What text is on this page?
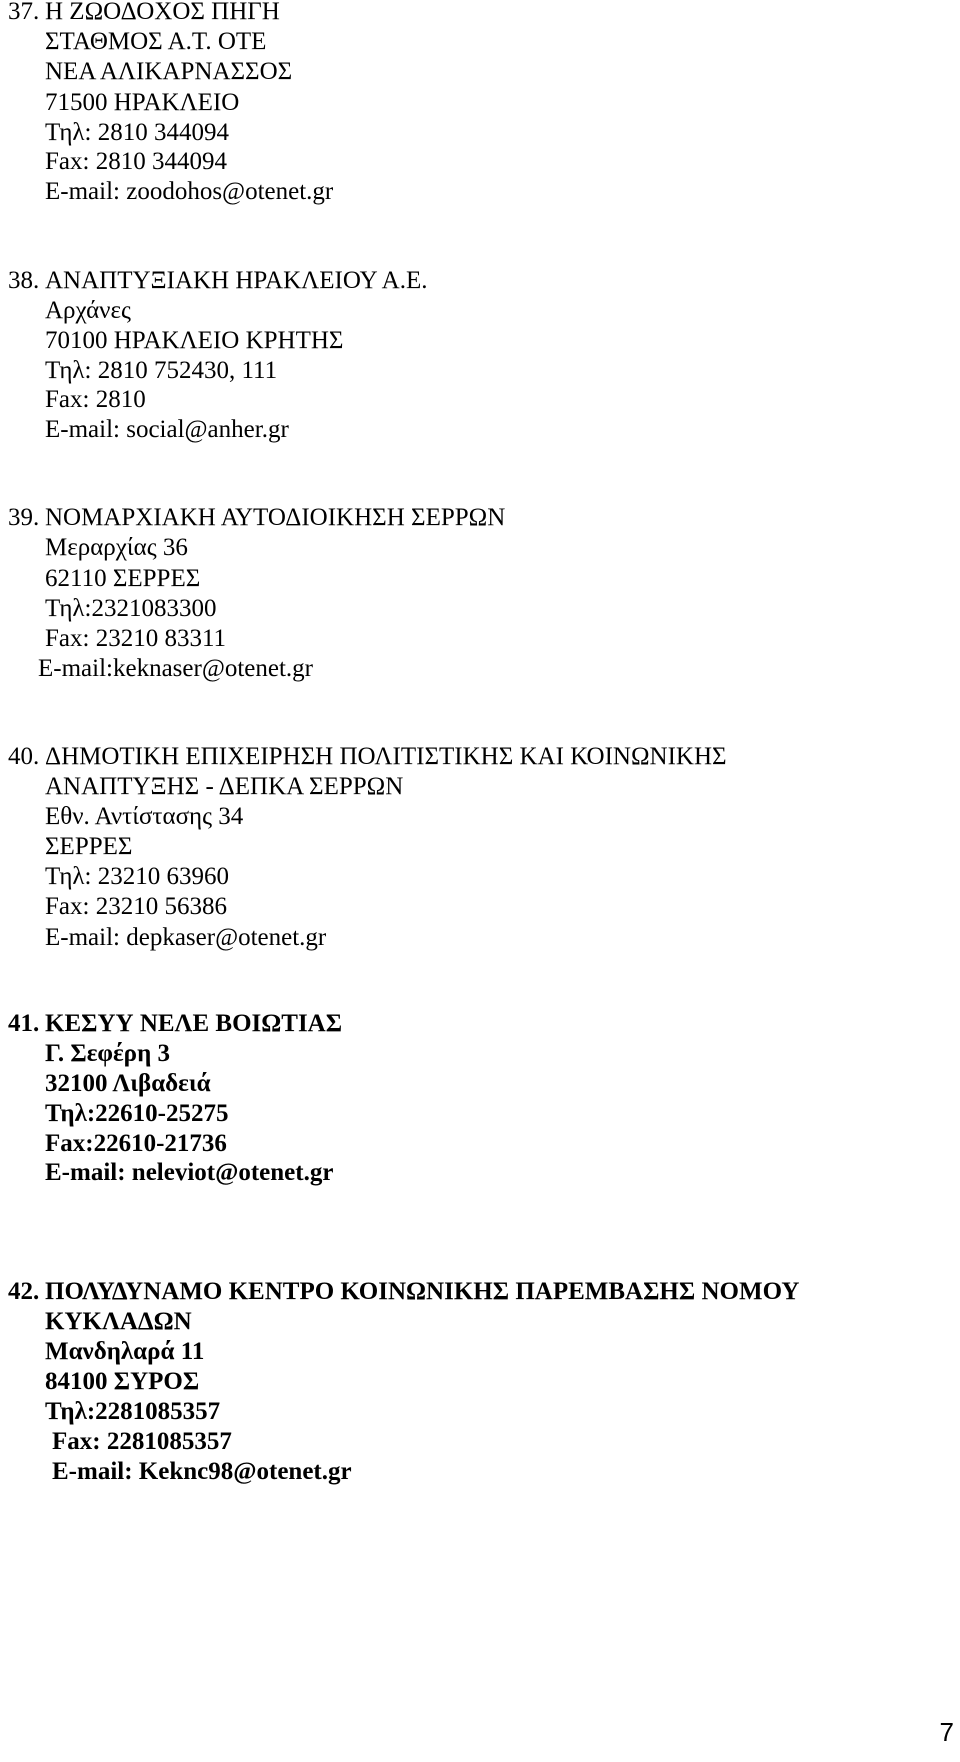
37. Η ΖΩΟΔΟΧΟΣ ΠΗΓΗ
ΣΤΑΘΜΟΣ Α.Τ. ΟΤΕ
ΝΕΑ ΑΛΙΚΑΡΝΑΣΣΟΣ
71500 ΗΡΑΚΛΕΙΟ
Τηλ: 2810 344094
Fax: 2810 344094
E-mail: zoodohos@otenet.gr
38. ΑΝΑΠΤΥΞΙΑΚΗ ΗΡΑΚΛΕΙΟΥ Α.Ε.
Αρχάνες
70100 ΗΡΑΚΛΕΙΟ ΚΡΗΤΗΣ
Τηλ: 2810 752430, 111
Fax: 2810
E-mail: social@anher.gr
39. ΝΟΜΑΡΧΙΑΚΗ ΑΥΤΟΔΙΟΙΚΗΣΗ ΣΕΡΡΩΝ
Μεραρχίας 36
62110 ΣΕΡΡΕΣ
Τηλ:2321083300
Fax: 23210 83311
E-mail:keknaser@otenet.gr
40. ΔΗΜΟΤΙΚΗ ΕΠΙΧΕΙΡΗΣΗ ΠΟΛΙΤΙΣΤΙΚΗΣ ΚΑΙ ΚΟΙΝΩΝΙΚΗΣ
ΑΝΑΠΤΥΞΗΣ - ΔΕΠΚΑ ΣΕΡΡΩΝ
Εθν. Αντίστασης 34
ΣΕΡΡΕΣ
Τηλ: 23210 63960
Fax: 23210 56386
E-mail: depkaser@otenet.gr
41. ΚΕΣΥΥ ΝΕΛΕ ΒΟΙΩΤΙΑΣ
Γ. Σεφέρη 3
32100 Λιβαδειά
Τηλ:22610-25275
Fax:22610-21736
E-mail: neleviot@otenet.gr
42. ΠΟΛΥΔΥΝΑΜΟ ΚΕΝΤΡΟ ΚΟΙΝΩΝΙΚΗΣ ΠΑΡΕΜΒΑΣΗΣ ΝΟΜΟΥ
ΚΥΚΛΑΔΩΝ
Μανδηλαρά 11
84100 ΣΥΡΟΣ
Τηλ:2281085357
Fax: 2281085357
E-mail: Keknc98@otenet.gr
7
